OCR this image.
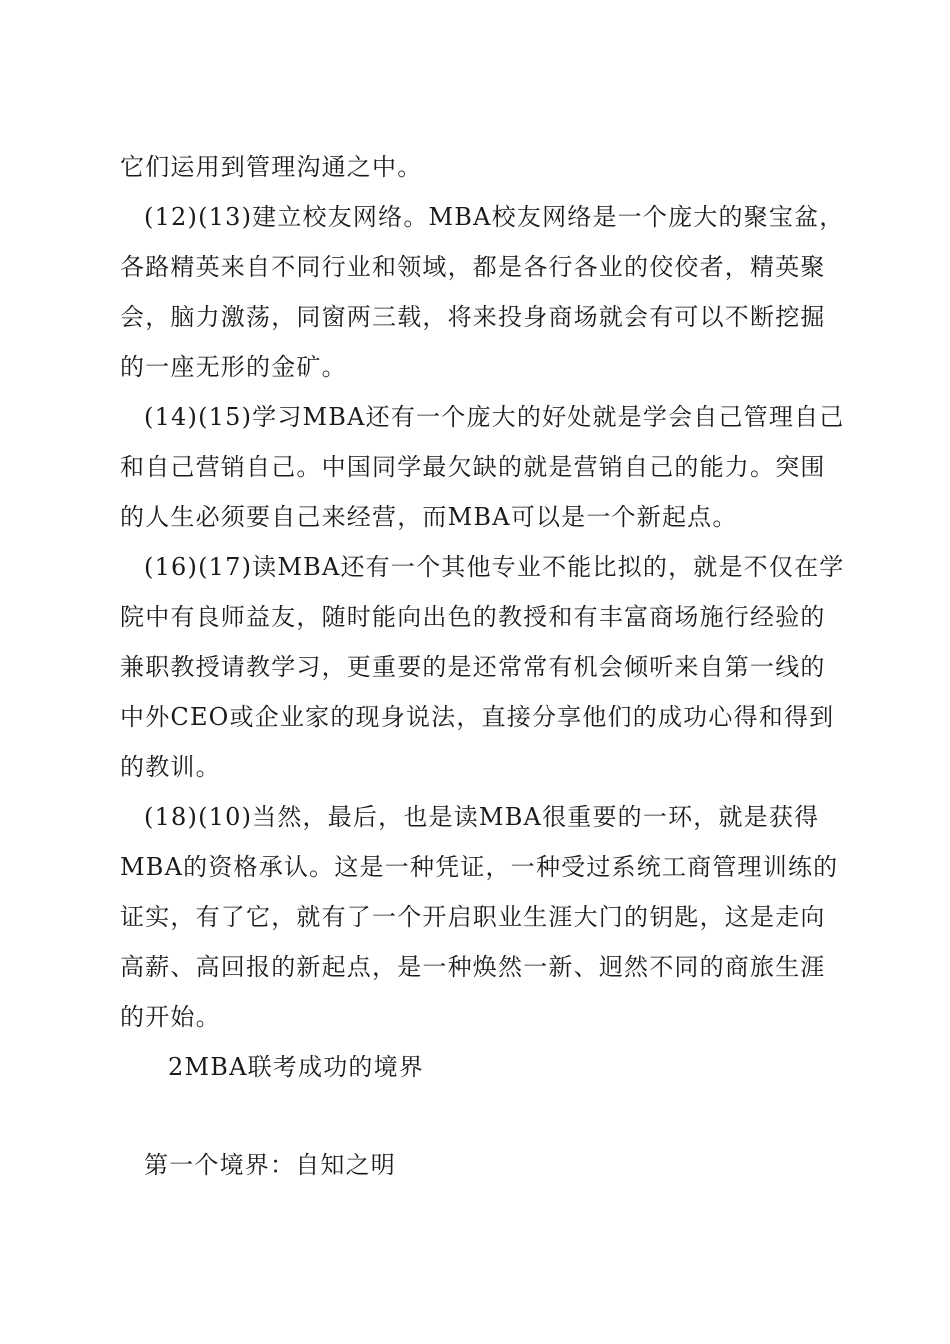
它们运用到管理沟通之中。
(12)(13)建立校友网络。MBA校友网络是一个庞大的聚宝盆，
各路精英来自不同行业和领域，都是各行各业的佼佼者，精英聚
会，脑力激荡，同窗两三载，将来投身商场就会有可以不断挖掘
的一座无形的金矿。
(14)(15)学习MBA还有一个庞大的好处就是学会自己管理自己
和自己营销自己。中国同学最欠缺的就是营销自己的能力。突围
的人生必须要自己来经营，而MBA可以是一个新起点。
(16)(17)读MBA还有一个其他专业不能比拟的，就是不仅在学
院中有良师益友，随时能向出色的教授和有丰富商场施行经验的
兼职教授请教学习，更重要的是还常常有机会倾听来自第一线的
中外CEO或企业家的现身说法，直接分享他们的成功心得和得到
的教训。
(18)(10)当然，最后，也是读MBA很重要的一环，就是获得
MBA的资格承认。这是一种凭证，一种受过系统工商管理训练的
证实，有了它，就有了一个开启职业生涯大门的钥匙，这是走向
高薪、高回报的新起点，是一种焕然一新、迥然不同的商旅生涯
的开始。
2MBA联考成功的境界
第一个境界：自知之明
